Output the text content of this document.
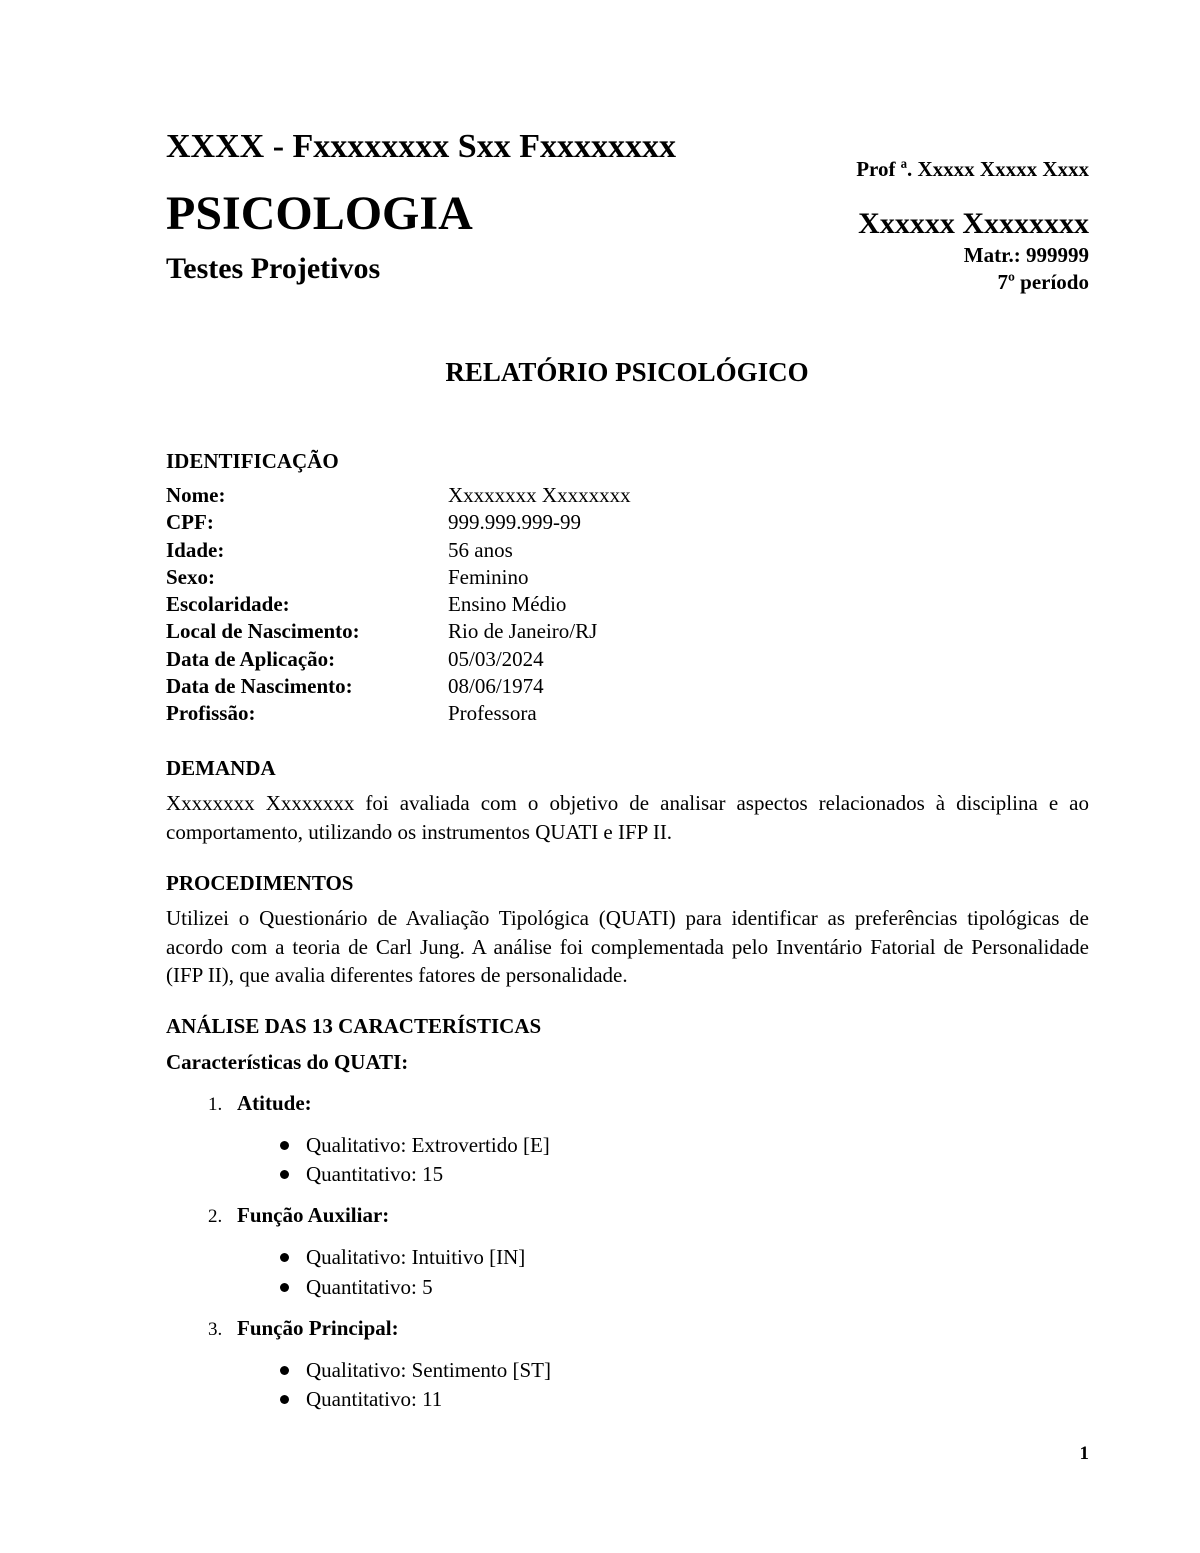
XXXX - Fxxxxxxxx Sxx Fxxxxxxxx
PSICOLOGIA
Testes Projetivos
Prof ª. Xxxxx Xxxxx Xxxx
Xxxxxx Xxxxxxxx
Matr.: 999999
7º período
RELATÓRIO PSICOLÓGICO
IDENTIFICAÇÃO
Nome:	Xxxxxxxx Xxxxxxxx
CPF:	999.999.999-99
Idade:	56 anos
Sexo:	Feminino
Escolaridade:	Ensino Médio
Local de Nascimento:	Rio de Janeiro/RJ
Data de Aplicação:	05/03/2024
Data de Nascimento:	08/06/1974
Profissão:	Professora
DEMANDA
Xxxxxxxx Xxxxxxxx foi avaliada com o objetivo de analisar aspectos relacionados à disciplina e ao comportamento, utilizando os instrumentos QUATI e IFP II.
PROCEDIMENTOS
Utilizei o Questionário de Avaliação Tipológica (QUATI) para identificar as preferências tipológicas de acordo com a teoria de Carl Jung. A análise foi complementada pelo Inventário Fatorial de Personalidade (IFP II), que avalia diferentes fatores de personalidade.
ANÁLISE DAS 13 CARACTERÍSTICAS
Características do QUATI:
1. Atitude:
Qualitativo: Extrovertido [E]
Quantitativo: 15
2. Função Auxiliar:
Qualitativo: Intuitivo [IN]
Quantitativo: 5
3. Função Principal:
Qualitativo: Sentimento [ST]
Quantitativo: 11
1
